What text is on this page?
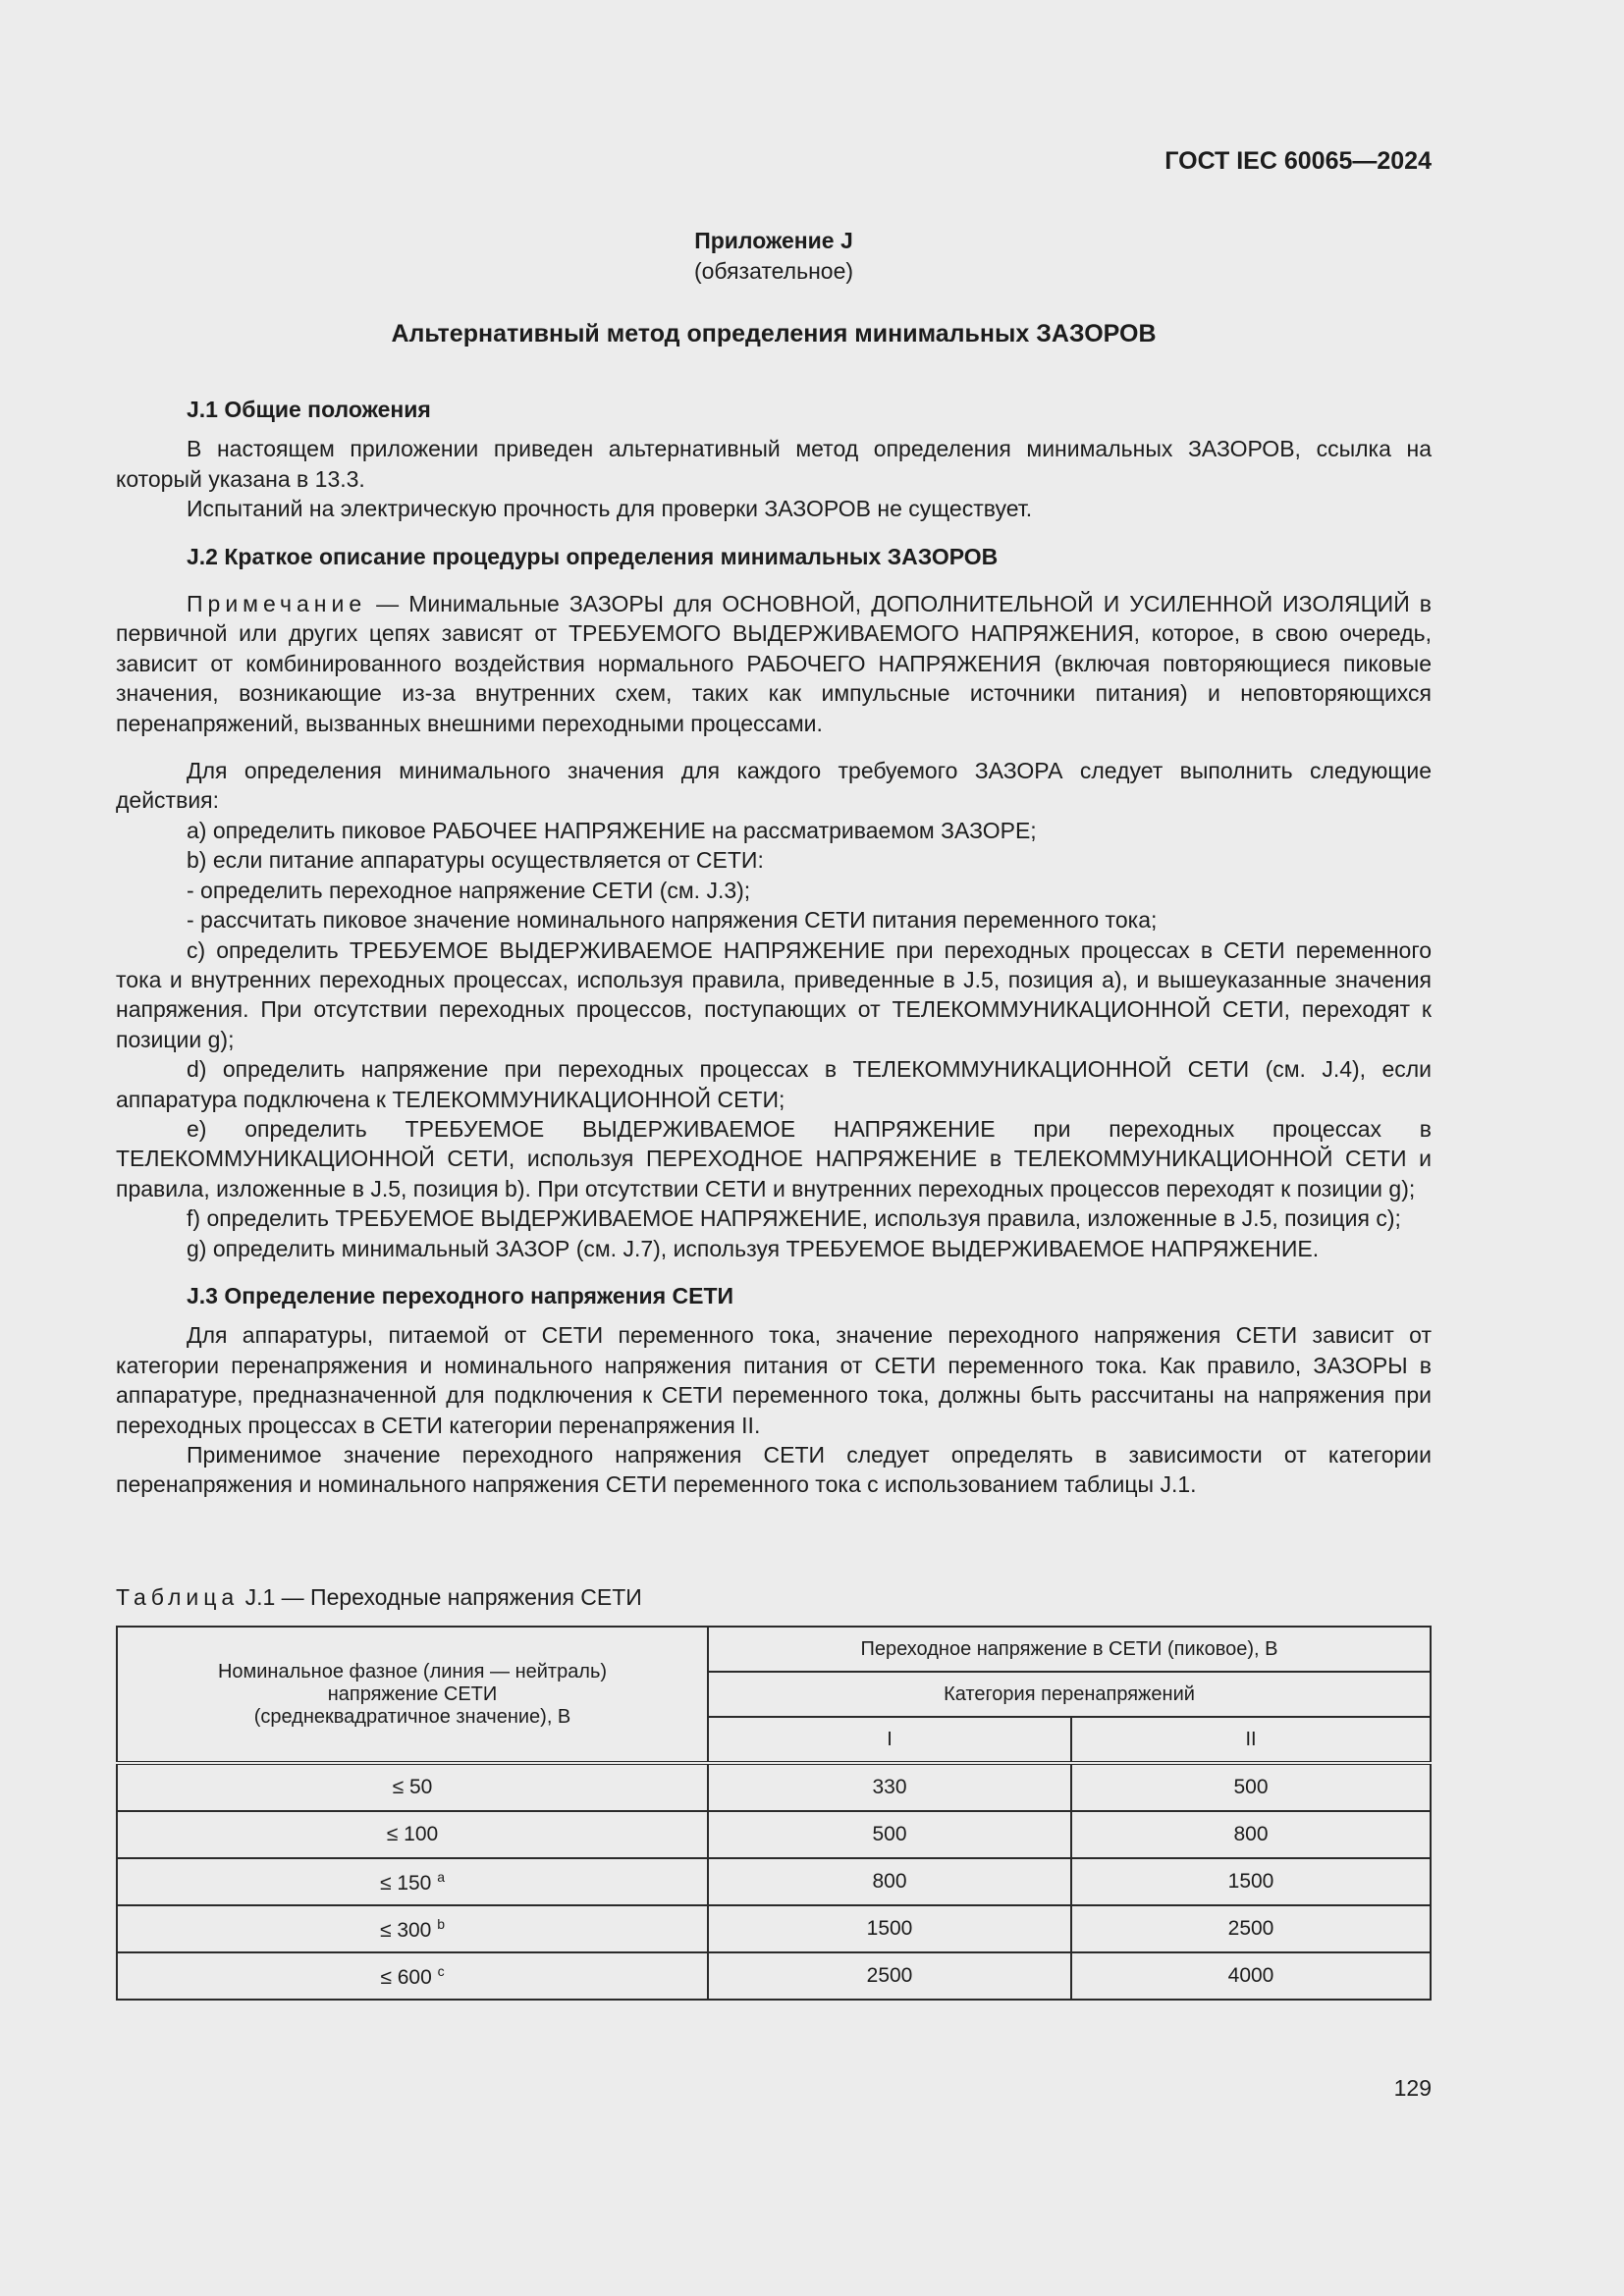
ГОСТ IEC 60065—2024
Приложение J
(обязательное)
Альтернативный метод определения минимальных ЗАЗОРОВ

J.1 Общие положения

В настоящем приложении приведен альтернативный метод определения минимальных ЗАЗОРОВ, ссылка на который указана в 13.3.

Испытаний на электрическую прочность для проверки ЗАЗОРОВ не существует.

J.2 Краткое описание процедуры определения минимальных ЗАЗОРОВ

Примечание — Минимальные ЗАЗОРЫ для ОСНОВНОЙ, ДОПОЛНИТЕЛЬНОЙ И УСИЛЕННОЙ ИЗОЛЯЦИЙ в первичной или других цепях зависят от ТРЕБУЕМОГО ВЫДЕРЖИВАЕМОГО НАПРЯЖЕНИЯ, которое, в свою очередь, зависит от комбинированного воздействия нормального РАБОЧЕГО НАПРЯЖЕНИЯ (включая повторяющиеся пиковые значения, возникающие из-за внутренних схем, таких как импульсные источники питания) и неповторяющихся перенапряжений, вызванных внешними переходными процессами.

Для определения минимального значения для каждого требуемого ЗАЗОРА следует выполнить следующие действия:

a) определить пиковое РАБОЧЕЕ НАПРЯЖЕНИЕ на рассматриваемом ЗАЗОРЕ;

b) если питание аппаратуры осуществляется от СЕТИ:

- определить переходное напряжение СЕТИ (см. J.3);

- рассчитать пиковое значение номинального напряжения СЕТИ питания переменного тока;

c) определить ТРЕБУЕМОЕ ВЫДЕРЖИВАЕМОЕ НАПРЯЖЕНИЕ при переходных процессах в СЕТИ переменного тока и внутренних переходных процессах, используя правила, приведенные в J.5, позиция a), и вышеуказанные значения напряжения. При отсутствии переходных процессов, поступающих от ТЕЛЕКОММУНИКАЦИОННОЙ СЕТИ, переходят к позиции g);

d) определить напряжение при переходных процессах в ТЕЛЕКОММУНИКАЦИОННОЙ СЕТИ (см. J.4), если аппаратура подключена к ТЕЛЕКОММУНИКАЦИОННОЙ СЕТИ;

e) определить ТРЕБУЕМОЕ ВЫДЕРЖИВАЕМОЕ НАПРЯЖЕНИЕ при переходных процессах в ТЕЛЕКОММУНИКАЦИОННОЙ СЕТИ, используя ПЕРЕХОДНОЕ НАПРЯЖЕНИЕ в ТЕЛЕКОММУНИКАЦИОННОЙ СЕТИ и правила, изложенные в J.5, позиция b). При отсутствии СЕТИ и внутренних переходных процессов переходят к позиции g);

f) определить ТРЕБУЕМОЕ ВЫДЕРЖИВАЕМОЕ НАПРЯЖЕНИЕ, используя правила, изложенные в J.5, позиция c);

g) определить минимальный ЗАЗОР (см. J.7), используя ТРЕБУЕМОЕ ВЫДЕРЖИВАЕМОЕ НАПРЯЖЕНИЕ.

J.3 Определение переходного напряжения СЕТИ

Для аппаратуры, питаемой от СЕТИ переменного тока, значение переходного напряжения СЕТИ зависит от категории перенапряжения и номинального напряжения питания от СЕТИ переменного тока. Как правило, ЗАЗОРЫ в аппаратуре, предназначенной для подключения к СЕТИ переменного тока, должны быть рассчитаны на напряжения при переходных процессах в СЕТИ категории перенапряжения II.

Применимое значение переходного напряжения СЕТИ следует определять в зависимости от категории перенапряжения и номинального напряжения СЕТИ переменного тока с использованием таблицы J.1.

Таблица J.1 — Переходные напряжения СЕТИ
Номинальное фазное (линия — нейтраль)
напряжение СЕТИ
(среднеквадратичное значение), В	Переходное напряжение в СЕТИ (пиковое), В	
	Категория перенапряжений	
	I	II
≤ 50	330	500
≤ 100	500	800
≤ 150 $^a$	800	1500
≤ 300 $^b$	1500	2500
≤ 600 $^c$	2500	4000
129
